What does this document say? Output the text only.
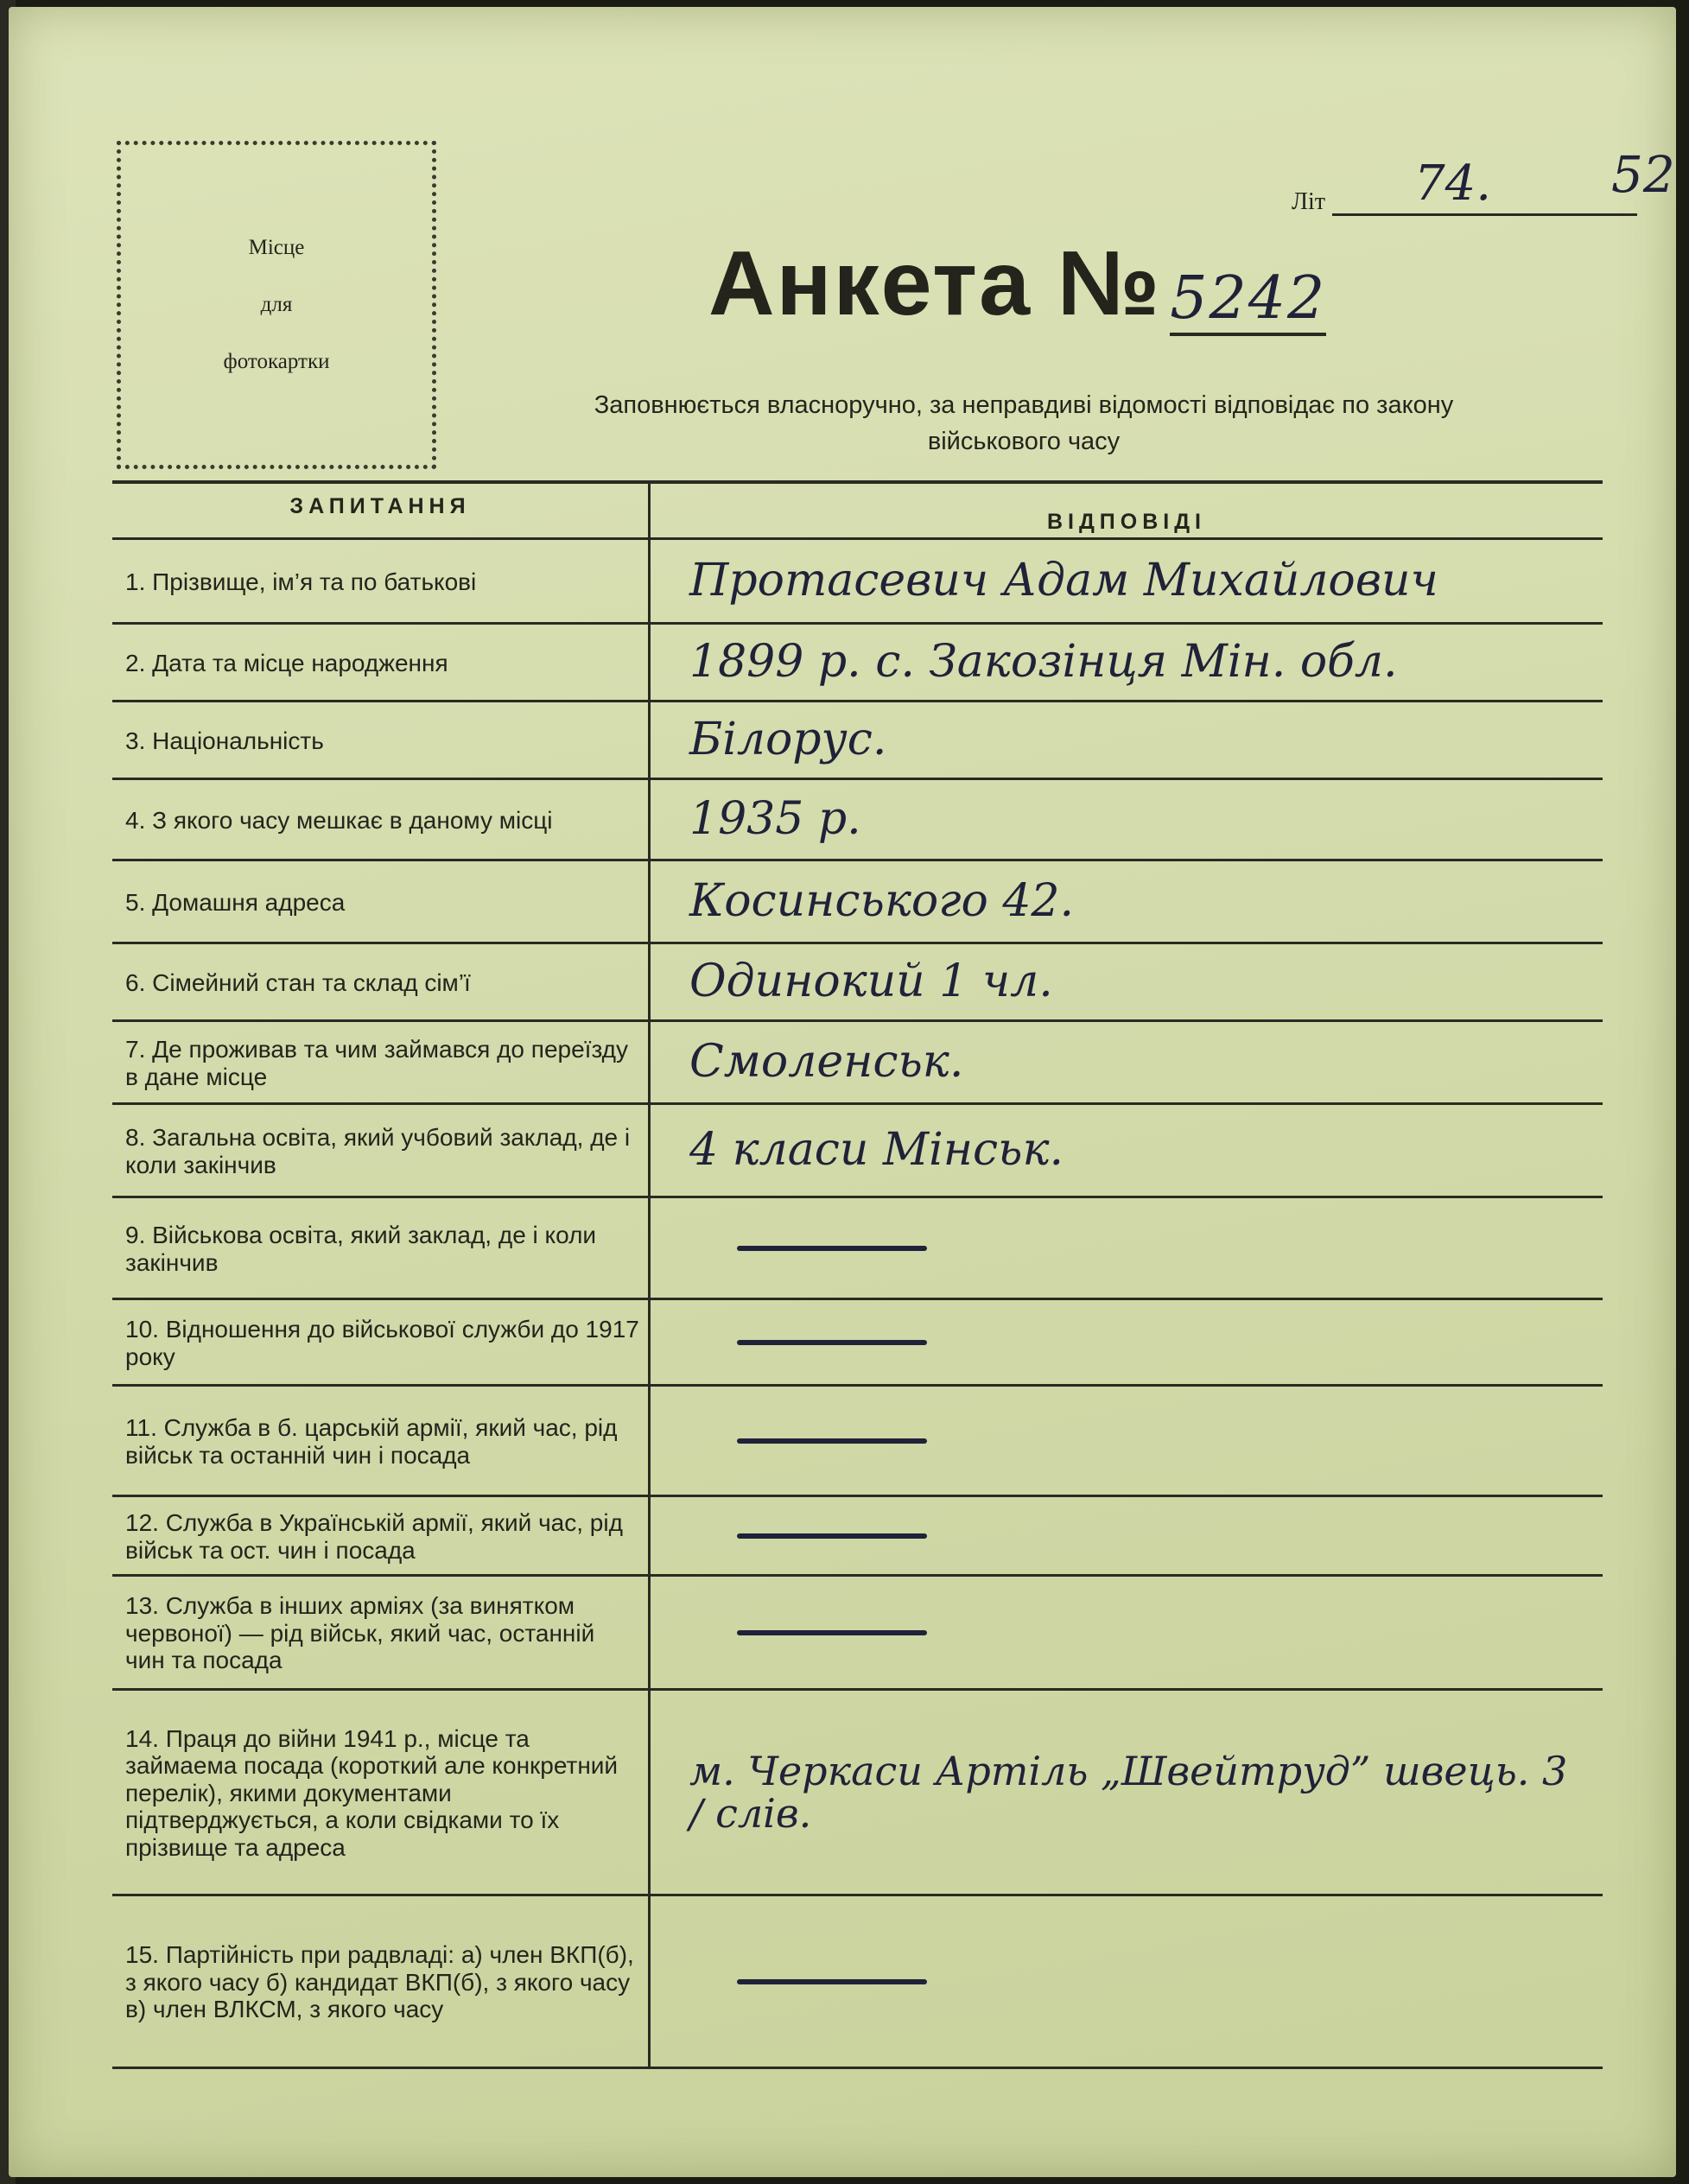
Місце
для
фотокартки
Літ 74. 52
Анкета № 5242
Заповнюється власноручно, за неправдиві відомості відповідає по закону
військового часу
ЗАПИТАННЯ
ВІДПОВІДІ
1. Прізвище, ім’я та по батькові	Протасевич Адам Михайлович
2. Дата та місце народження	1899 р. с. Закозінця Мін. обл.
3. Національність	Білорус.
4. З якого часу мешкає в даному місці	1935 р.
5. Домашня адреса	Косинського 42.
6. Сімейний стан та склад сім’ї	Одинокий 1 чл.
7. Де проживав та чим займався до переїзду в дане місце	Смоленськ.
8. Загальна освіта, який учбовий заклад, де і коли закінчив	4 класи Мінськ.
9. Військова освіта, який заклад, де і коли закінчив
10. Відношення до військової служби до 1917 року
11. Служба в б. царській армії, який час, рід військ та останній чин і посада
12. Служба в Українській армії, який час, рід військ та ост. чин і посада
13. Служба в інших арміях (за винятком червоної) — рід військ, який час, останній чин та посада
14. Праця до війни 1941 р., місце та займаема посада (короткий але конкретний перелік), якими документами підтверджується, а коли свідками то їх прізвище та адреса
м. Черкаси Артіль „Швейтруд” швець. 3 / слів.
15. Партійність при радвладі: а) член ВКП(б), з якого часу б) кандидат ВКП(б), з якого часу в) член ВЛКСМ, з якого часу
